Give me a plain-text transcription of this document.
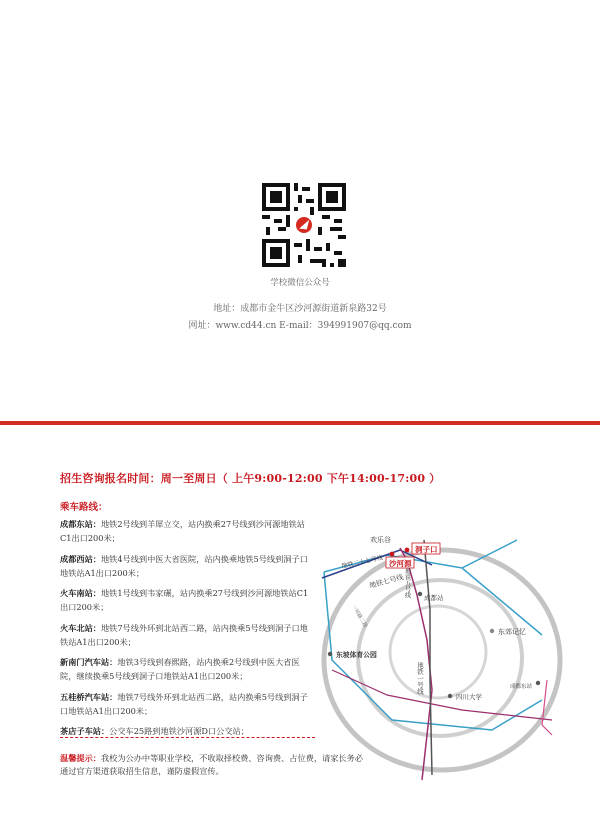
学校微信公众号
地址：成都市金牛区沙河源街道新泉路32号
网址：www.cd44.cn E-mail：394991907@qq.com
招生咨询报名时间：周一至周日（ 上午9:00-12:00 下午14:00-17:00 ）
乘车路线：
成都东站：地铁2号线到羊犀立交，站内换乘27号线到沙河源地铁站C1出口200米；
成都西站：地铁4号线到中医大省医院，站内换乘地铁5号线到洞子口地铁站A1出口200米；
火车南站：地铁1号线到韦家碾，站内换乘27号线到沙河源地铁站C1出口200米；
火车北站：地铁7号线外环到北站西二路，站内换乘5号线到洞子口地铁站A1出口200米；
新南门汽车站：地铁3号线到春熙路，站内换乘2号线到中医大省医院，继续换乘5号线到洞子口地铁站A1出口200米；
五桂桥汽车站：地铁7号线外环到北站西二路，站内换乘5号线到洞子口地铁站A1出口200米；
茶店子车站：公交车25路到地铁沙河源D口公交站；
温馨提示：我校为公办中等职业学校，不收取择校费、咨询费、占位费，请家长务必通过官方渠道获取招生信息，谨防虚假宣传。
欢乐谷
洞子口
沙河源
地铁二十七号线
地铁七号线 地铁五号线 成都站
东郊记忆
东坡体育公园
地铁一号线
四川大学
成都东站
一环路二段
